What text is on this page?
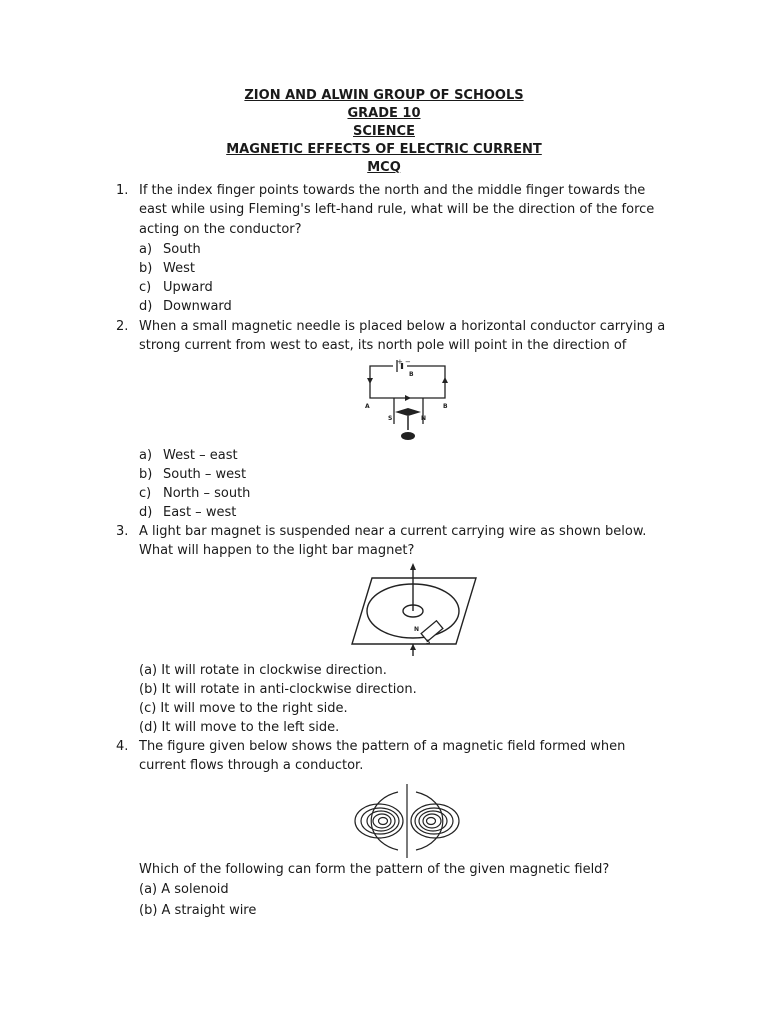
ZION AND ALWIN GROUP OF SCHOOLS
GRADE 10
SCIENCE
MAGNETIC EFFECTS OF ELECTRIC CURRENT
MCQ
1. If the index finger points towards the north and the middle finger towards the east while using Fleming's left-hand rule, what will be the direction of the force acting on the conductor?
a) South
b) West
c) Upward
d) Downward
2. When a small magnetic needle is placed below a horizontal conductor carrying a strong current from west to east, its north pole will point in the direction of
+ −
B
A	B
S	N
a) West – east
b) South – west
c) North – south
d) East – west
3. A light bar magnet is suspended near a current carrying wire as shown below.
What will happen to the light bar magnet?
N
S
(a) It will rotate in clockwise direction.
(b) It will rotate in anti-clockwise direction.
(c) It will move to the right side.
(d) It will move to the left side.
4. The figure given below shows the pattern of a magnetic field formed when current flows through a conductor.
Which of the following can form the pattern of the given magnetic field?
(a) A solenoid
(b) A straight wire
